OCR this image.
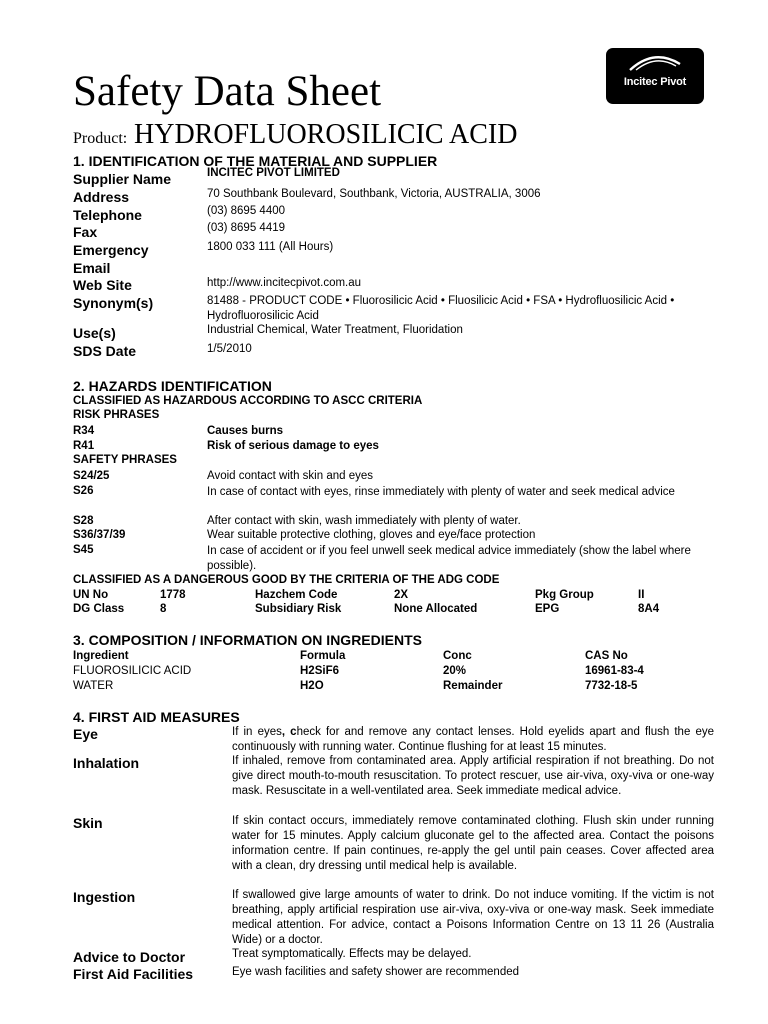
Safety Data Sheet
Product: HYDROFLUOROSILICIC ACID
Incitec Pivot
1. IDENTIFICATION OF THE MATERIAL AND SUPPLIER
Supplier Name	INCITEC PIVOT LIMITED
Address	70 Southbank Boulevard, Southbank, Victoria, AUSTRALIA, 3006
Telephone	(03) 8695 4400
Fax	(03) 8695 4419
Emergency	1800 033 111 (All Hours)
Email
Web Site	http://www.incitecpivot.com.au
Synonym(s)	81488 - PRODUCT CODE • Fluorosilicic Acid • Fluosilicic Acid • FSA • Hydrofluosilicic Acid • Hydrofluorosilicic Acid
Use(s)	Industrial Chemical, Water Treatment, Fluoridation
SDS Date	1/5/2010
2. HAZARDS IDENTIFICATION
CLASSIFIED AS HAZARDOUS ACCORDING TO ASCC CRITERIA
RISK PHRASES
R34	Causes burns
R41	Risk of serious damage to eyes
SAFETY PHRASES
S24/25	Avoid contact with skin and eyes
S26	In case of contact with eyes, rinse immediately with plenty of water and seek medical advice
S28	After contact with skin, wash immediately with plenty of water.
S36/37/39	Wear suitable protective clothing, gloves and eye/face protection
S45	In case of accident or if you feel unwell seek medical advice immediately (show the label where possible).
CLASSIFIED AS A DANGEROUS GOOD BY THE CRITERIA OF THE ADG CODE
UN No	1778	Hazchem Code	2X	Pkg Group	II
DG Class	8	Subsidiary Risk	None Allocated	EPG	8A4
3. COMPOSITION / INFORMATION ON INGREDIENTS
Ingredient	Formula	Conc	CAS No
FLUOROSILICIC ACID	H2SiF6	20%	16961-83-4
WATER	H2O	Remainder	7732-18-5
4. FIRST AID MEASURES
Eye	If in eyes, check for and remove any contact lenses. Hold eyelids apart and flush the eye continuously with running water. Continue flushing for at least 15 minutes.
Inhalation	If inhaled, remove from contaminated area. Apply artificial respiration if not breathing. Do not give direct mouth-to-mouth resuscitation. To protect rescuer, use air-viva, oxy-viva or one-way mask. Resuscitate in a well-ventilated area. Seek immediate medical advice.
Skin	If skin contact occurs, immediately remove contaminated clothing. Flush skin under running water for 15 minutes. Apply calcium gluconate gel to the affected area. Contact the poisons information centre. If pain continues, re-apply the gel until pain ceases. Cover affected area with a clean, dry dressing until medical help is available.
Ingestion	If swallowed give large amounts of water to drink. Do not induce vomiting. If the victim is not breathing, apply artificial respiration use air-viva, oxy-viva or one-way mask. Seek immediate medical attention. For advice, contact a Poisons Information Centre on 13 11 26 (Australia Wide) or a doctor.
Advice to Doctor	Treat symptomatically. Effects may be delayed.
First Aid Facilities	Eye wash facilities and safety shower are recommended
